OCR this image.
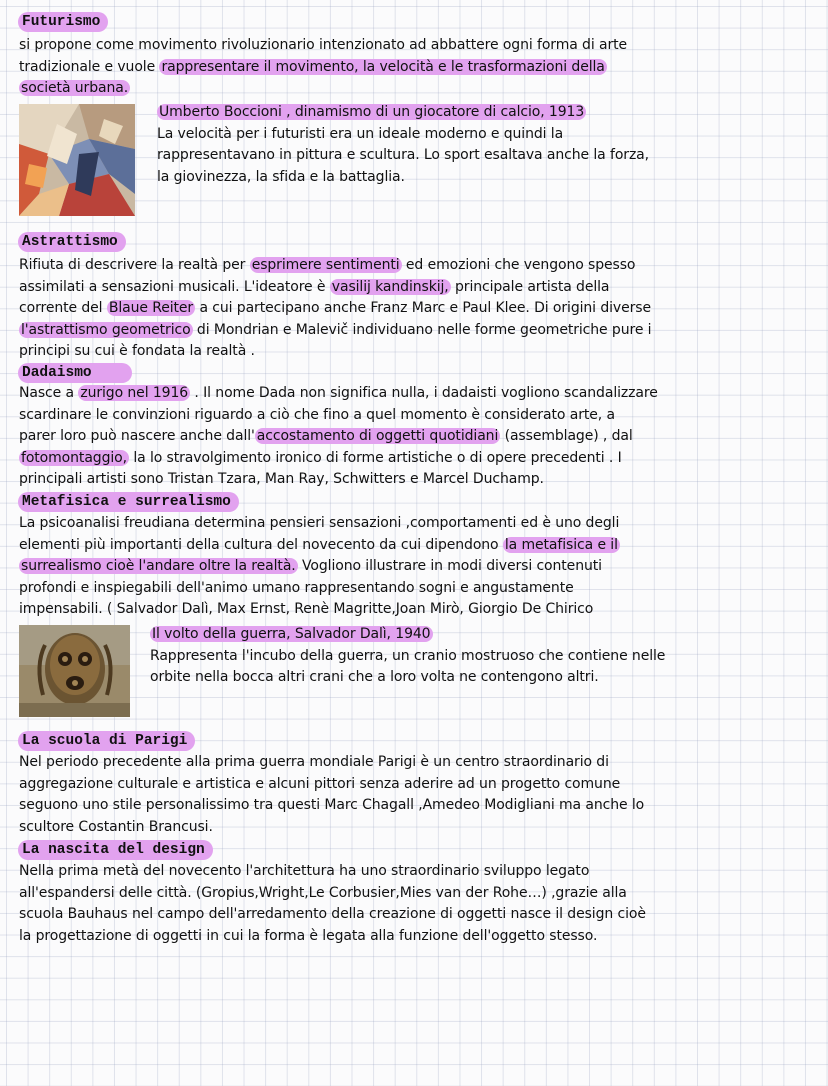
Futurismo
si propone come movimento rivoluzionario intenzionato ad abbattere ogni forma di arte
tradizionale e vuole rappresentare il movimento, la velocità e le trasformazioni della
società urbana.
Umberto Boccioni , dinamismo di un giocatore di calcio, 1913
La velocità per i futuristi era un ideale moderno e quindi la
rappresentavano in pittura e scultura. Lo sport esaltava anche la forza,
la giovinezza, la sfida e la battaglia.
Astrattismo
Rifiuta di descrivere la realtà per esprimere sentimenti ed emozioni che vengono spesso
assimilati a sensazioni musicali. L'ideatore è vasilij kandinskij, principale artista della
corrente del Blaue Reiter a cui partecipano anche Franz Marc e Paul Klee. Di origini diverse
l'astrattismo geometrico di Mondrian e Malevič individuano nelle forme geometriche pure i
principi su cui è fondata la realtà .
Dadaismo
Nasce a zurigo nel 1916 . Il nome Dada non significa nulla, i dadaisti vogliono scandalizzare
scardinare le convinzioni riguardo a ciò che fino a quel momento è considerato arte, a
parer loro può nascere anche dall' accostamento di oggetti quotidiani (assemblage) , dal
fotomontaggio, la lo stravolgimento ironico di forme artistiche o di opere precedenti . I
principali artisti sono Tristan Tzara, Man Ray, Schwitters e Marcel Duchamp.
Metafisica e surrealismo
La psicoanalisi freudiana determina pensieri sensazioni ,comportamenti ed è uno degli
elementi più importanti della cultura del novecento da cui dipendono la metafisica e il
surrealismo cioè l'andare oltre la realtà. Vogliono illustrare in modi diversi contenuti
profondi e inspiegabili dell'animo umano rappresentando sogni e angustamente
impensabili. ( Salvador Dalì, Max Ernst, Renè Magritte,Joan Mirò, Giorgio De Chirico
Il volto della guerra, Salvador Dalì, 1940
Rappresenta l'incubo della guerra, un cranio mostruoso che contiene nelle
orbite nella bocca altri crani che a loro volta ne contengono altri.
La scuola di Parigi
Nel periodo precedente alla prima guerra mondiale Parigi è un centro straordinario di
aggregazione culturale e artistica e alcuni pittori senza aderire ad un progetto comune
seguono uno stile personalissimo tra questi Marc Chagall ,Amedeo Modigliani ma anche lo
scultore Costantin Brancusi.
La nascita del design
Nella prima metà del novecento l'architettura ha uno straordinario sviluppo legato
all'espandersi delle città. (Gropius,Wright,Le Corbusier,Mies van der Rohe…) ,grazie alla
scuola Bauhaus nel campo dell'arredamento della creazione di oggetti nasce il design cioè
la progettazione di oggetti in cui la forma è legata alla funzione dell'oggetto stesso.
